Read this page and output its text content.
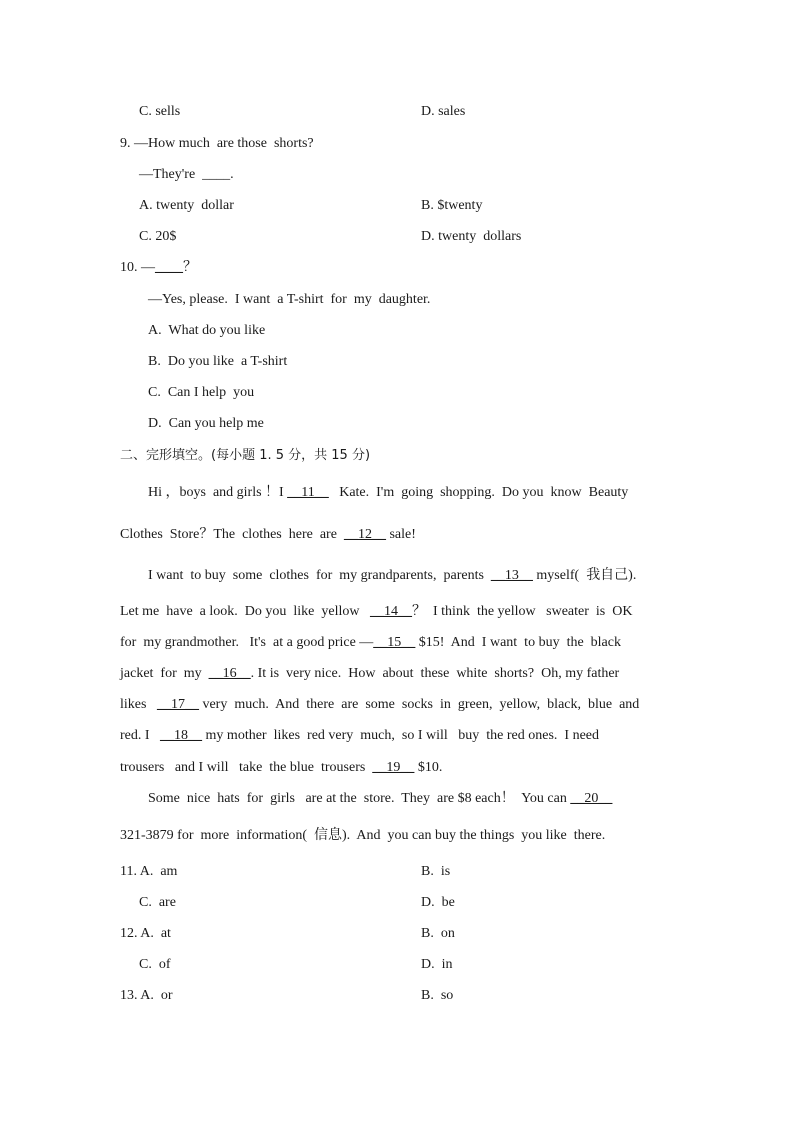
C. sells	D. sales
9. —How much  are those  shorts?
—They're  ____.
A. twenty  dollar	B. $twenty
C. 20$	D. twenty  dollars
10. —____？
—Yes, please.  I want  a T-shirt  for  my  daughter.
A.  What do you like
B.  Do you like  a T-shirt
C.  Can I help  you
D.  Can you help me
二、完形填空。(每小题 1. 5 分，共 15 分)
Hi ，boys  and girls ！I __11__   Kate.  I'm  going  shopping.  Do you  know  Beauty
Clothes  Store？The  clothes  here  are  __12__ sale!
I want  to buy  some  clothes  for  my grandparents,  parents  __13__ myself(  我自己).
Let me  have  a look.  Do you  like  yellow   __14__？  I think  the yellow   sweater  is  OK
for  my grandmother.   It's  at a good price —__15__ $15!  And  I want  to buy  the  black
jacket  for  my  __16__. It is  very nice.  How  about  these  white  shorts?  Oh, my father
likes   __17__ very  much.  And  there  are  some  socks  in  green,  yellow,  black,  blue  and
red. I   __18__ my mother  likes  red very  much,  so I will   buy  the red ones.  I need
trousers   and I will   take  the blue  trousers  __19__ $10.
Some  nice  hats  for  girls   are at the  store.  They  are $8 each！  You can __20__
321-3879 for  more  information(  信息).  And  you can buy the things  you like  there.
11. A.  am	B.  is
C.  are	D.  be
12. A.  at	B.  on
C.  of	D.  in
13. A.  or	B.  so
